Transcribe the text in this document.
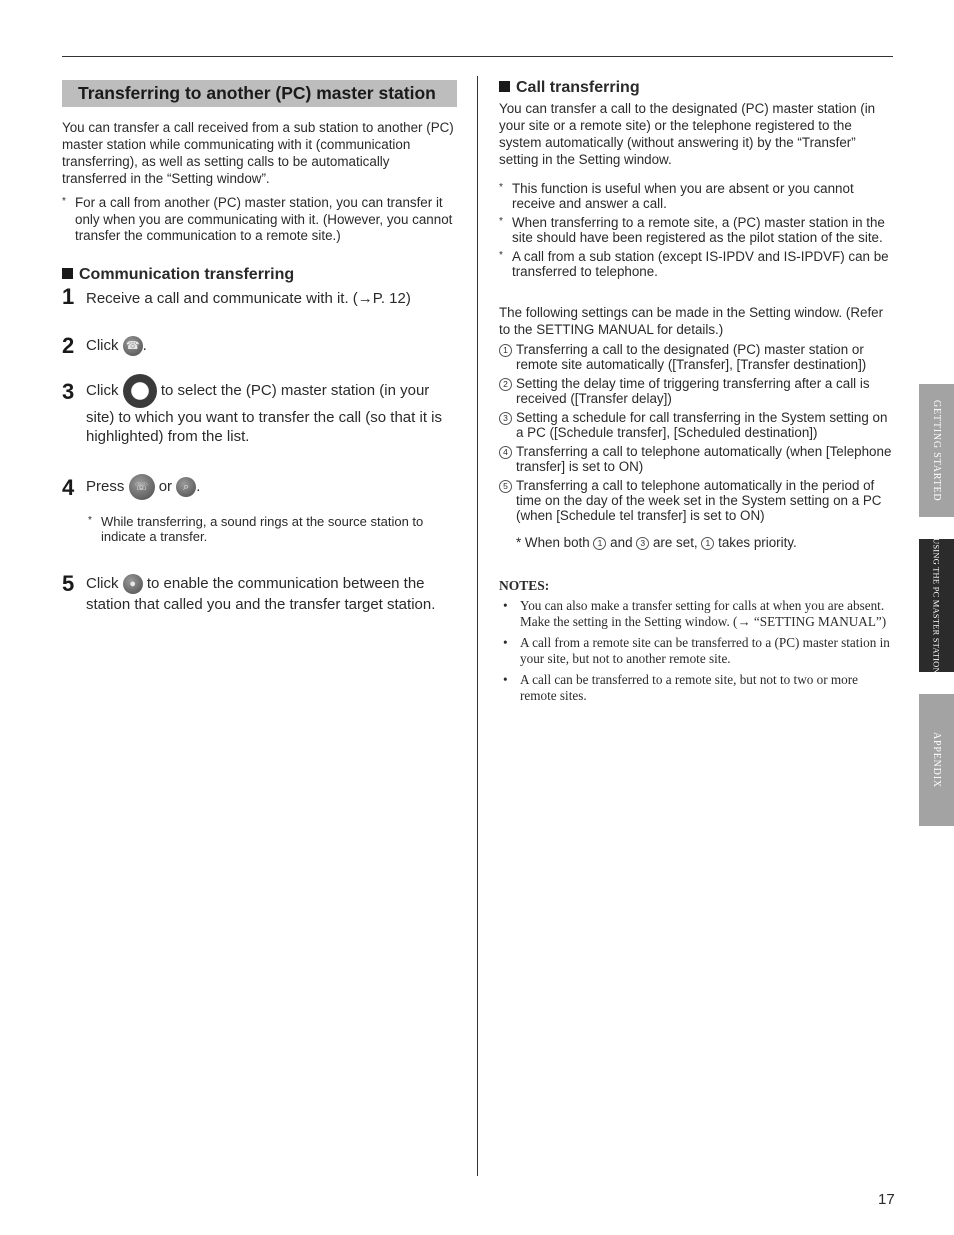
Transferring to another (PC) master station

You can transfer a call received from a sub station to another (PC) master station while communicating with it (communication transferring), as well as setting calls to be automatically transferred in the “Setting window”.

* For a call from another (PC) master station, you can transfer it only when you are communicating with it. (However, you cannot transfer the communication to a remote site.)
Communication transferring
1 Receive a call and communicate with it. (→P. 12)
2 Click ☎ .
3 Click	to select the (PC) master station (in your site) to which you want to transfer the call (so that it is highlighted) from the list.
4 Press ☏ or	⌕ .
* While transferring, a sound rings at the source station to indicate a transfer.
5 Click ● to enable the communication between the station that called you and the transfer target station.
Call transferring

You can transfer a call to the designated (PC) master station (in your site or a remote site) or the telephone registered to the system automatically (without answering it) by the “Transfer” setting in the Setting window.

* This function is useful when you are absent or you cannot receive and answer a call.
* When transferring to a remote site, a (PC) master station in the site should have been registered as the pilot station of the site.
* A call from a sub station (except IS-IPDV and IS-IPDVF) can be transferred to telephone.

The following settings can be made in the Setting window. (Refer to the SETTING MANUAL for details.)

1 Transferring a call to the designated (PC) master station or remote site automatically ([Transfer], [Transfer destination])
2 Setting the delay time of triggering transferring after a call is received ([Transfer delay])
3 Setting a schedule for call transferring in the System setting on a PC ([Schedule transfer], [Scheduled destination])
4 Transferring a call to telephone automatically (when [Telephone transfer] is set to ON)
5 Transferring a call to telephone automatically in the period of time on the day of the week set in the System setting on a PC (when [Schedule tel transfer] is set to ON)
* When both 1 and 3 are set, 1 takes priority.
NOTES:
• You can also make a transfer setting for calls at when you are absent. Make the setting in the Setting window. (→ “SETTING MANUAL”)
• A call from a remote site can be transferred to a (PC) master station in your site, but not to another remote site.
• A call can be transferred to a remote site, but not to two or more remote sites.
GETTING STARTED
USING THE PC MASTER STATION
APPENDIX
17
